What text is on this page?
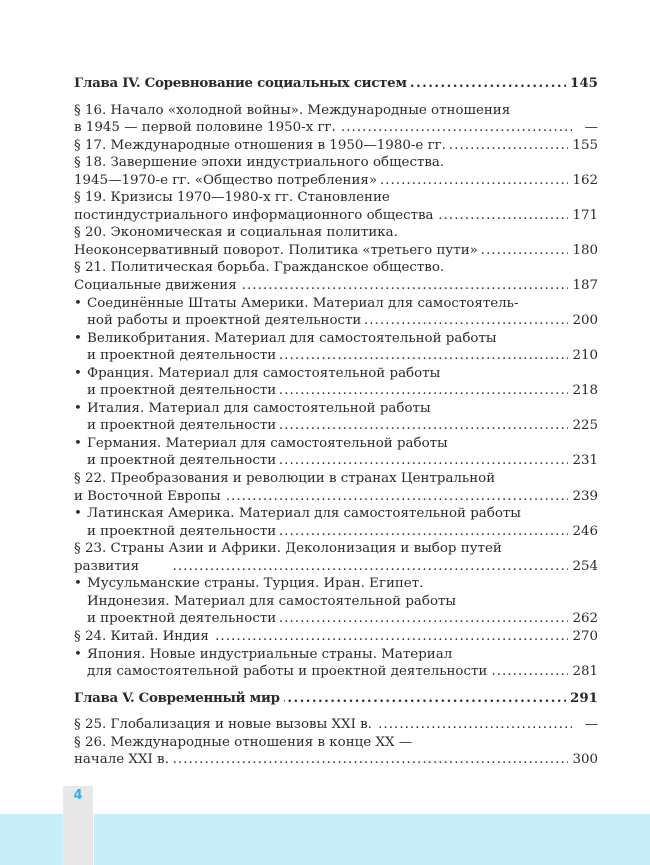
Глава IV. Соревнование социальных систем . . .	145
§ 16. Начало «холодной войны». Международные отношения
в 1945 — первой половине 1950-х гг. . . .	—
§ 17. Международные отношения в 1950—1980-е гг. . . .	155
§ 18. Завершение эпохи индустриального общества.
1945—1970-е гг. «Общество потребления» . . .	162
§ 19. Кризисы 1970—1980-х гг. Становление
постиндустриального информационного общества . . .	171
§ 20. Экономическая и социальная политика.
Неоконсервативный поворот. Политика «третьего пути» . . .	180
§ 21. Политическая борьба. Гражданское общество.
Социальные движения . . .	187
• Соединённые Штаты Америки. Материал для самостоятель-
ной работы и проектной деятельности . . .	200
• Великобритания. Материал для самостоятельной работы
и проектной деятельности . . .	210
• Франция. Материал для самостоятельной работы
и проектной деятельности . . .	218
• Италия. Материал для самостоятельной работы
и проектной деятельности . . .	225
• Германия. Материал для самостоятельной работы
и проектной деятельности . . .	231
§ 22. Преобразования и революции в странах Центральной
и Восточной Европы . . .	239
• Латинская Америка. Материал для самостоятельной работы
и проектной деятельности . . .	246
§ 23. Страны Азии и Африки. Деколонизация и выбор путей
развития . . .	254
• Мусульманские страны. Турция. Иран. Египет.
Индонезия. Материал для самостоятельной работы
и проектной деятельности . . .	262
§ 24. Китай. Индия . . .	270
• Япония. Новые индустриальные страны. Материал
для самостоятельной работы и проектной деятельности . . .	281
Глава V. Современный мир . . .	291
§ 25. Глобализация и новые вызовы XXI в. . . .	—
§ 26. Международные отношения в конце XX —
начале XXI в. . . .	300
4
